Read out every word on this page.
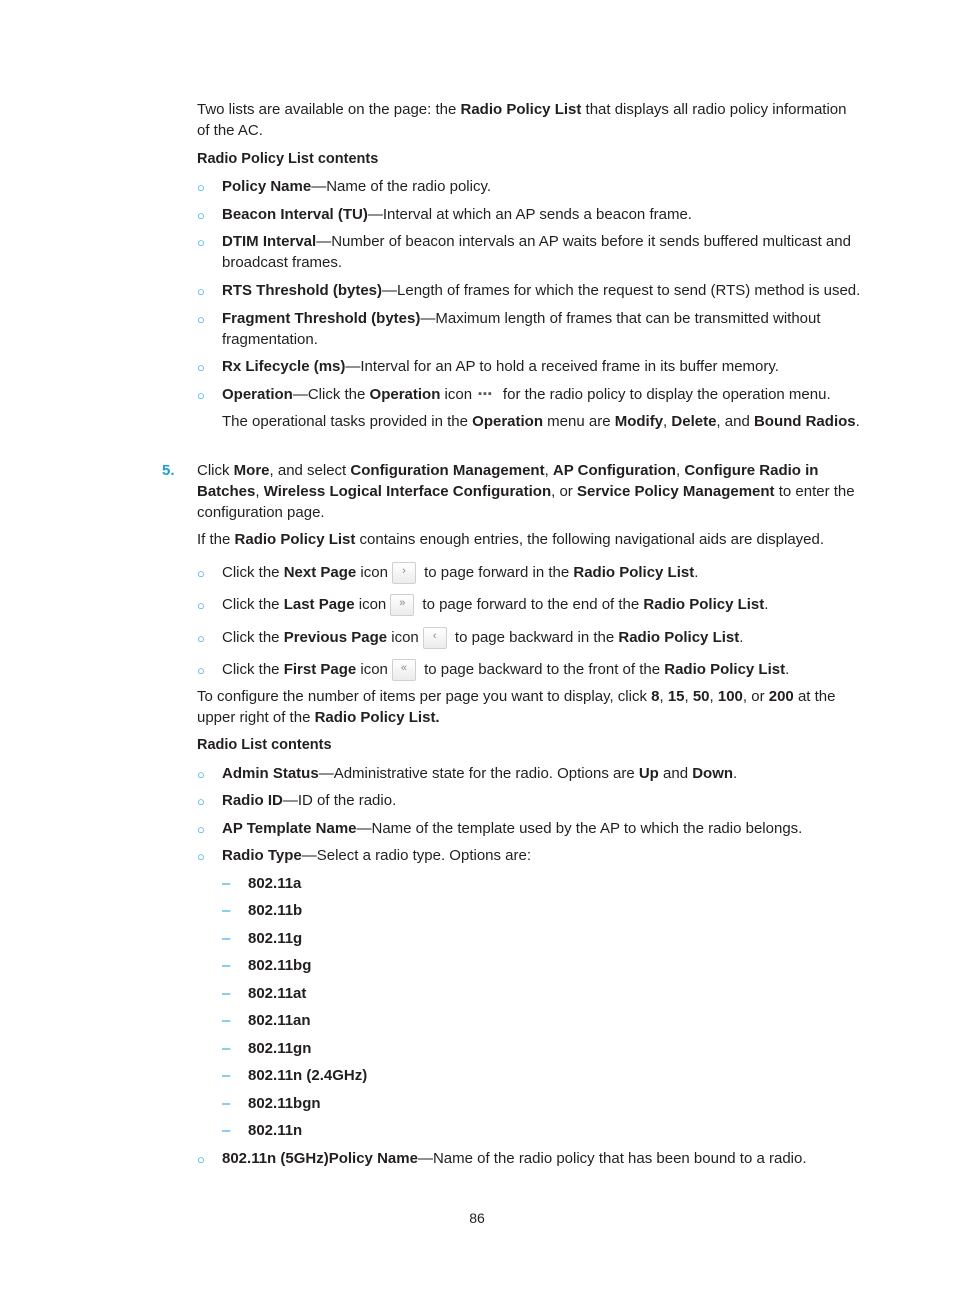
Two lists are available on the page: the Radio Policy List that displays all radio policy information of the AC.
Radio Policy List contents
○ Policy Name—Name of the radio policy.
○ Beacon Interval (TU)—Interval at which an AP sends a beacon frame.
○ DTIM Interval—Number of beacon intervals an AP waits before it sends buffered multicast and broadcast frames.
○ RTS Threshold (bytes)—Length of frames for which the request to send (RTS) method is used.
○ Fragment Threshold (bytes)—Maximum length of frames that can be transmitted without fragmentation.
○ Rx Lifecycle (ms)—Interval for an AP to hold a received frame in its buffer memory.
○ Operation—Click the Operation icon ▪▪▪ for the radio policy to display the operation menu.
The operational tasks provided in the Operation menu are Modify, Delete, and Bound Radios.
5. Click More, and select Configuration Management, AP Configuration, Configure Radio in Batches, Wireless Logical Interface Configuration, or Service Policy Management to enter the configuration page.
If the Radio Policy List contains enough entries, the following navigational aids are displayed.
○ Click the Next Page icon › to page forward in the Radio Policy List.
○ Click the Last Page icon » to page forward to the end of the Radio Policy List.
○ Click the Previous Page icon ‹ to page backward in the Radio Policy List.
○ Click the First Page icon « to page backward to the front of the Radio Policy List.
To configure the number of items per page you want to display, click 8, 15, 50, 100, or 200 at the upper right of the Radio Policy List.
Radio List contents
○ Admin Status—Administrative state for the radio. Options are Up and Down.
○ Radio ID—ID of the radio.
○ AP Template Name—Name of the template used by the AP to which the radio belongs.
○ Radio Type—Select a radio type. Options are:
– 802.11a
– 802.11b
– 802.11g
– 802.11bg
– 802.11at
– 802.11an
– 802.11gn
– 802.11n (2.4GHz)
– 802.11bgn
– 802.11n
○ 802.11n (5GHz)Policy Name—Name of the radio policy that has been bound to a radio.
86
